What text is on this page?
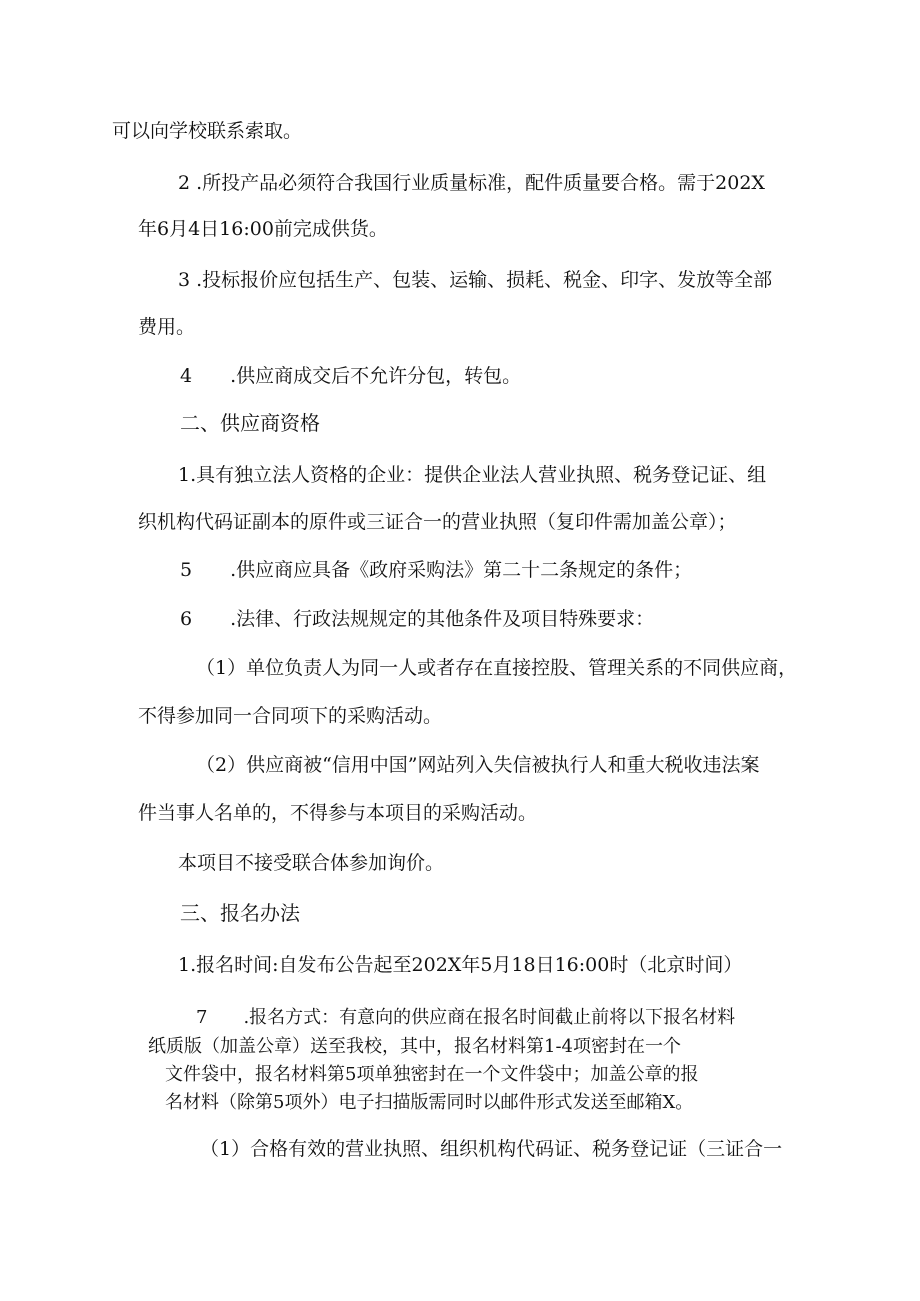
可以向学校联系索取。
2 .所投产品必须符合我国行业质量标准，配件质量要合格。需于202X
年6月4日16:00前完成供货。
3 .投标报价应包括生产、包装、运输、损耗、税金、印字、发放等全部
费用。
4　　.供应商成交后不允许分包，转包。
二、供应商资格
1.具有独立法人资格的企业：提供企业法人营业执照、税务登记证、组
织机构代码证副本的原件或三证合一的营业执照（复印件需加盖公章）；
5　　.供应商应具备《政府采购法》第二十二条规定的条件；
6　　.法律、行政法规规定的其他条件及项目特殊要求：
（1）单位负责人为同一人或者存在直接控股、管理关系的不同供应商，
不得参加同一合同项下的采购活动。
（2）供应商被“信用中国”网站列入失信被执行人和重大税收违法案
件当事人名单的，不得参与本项目的采购活动。
本项目不接受联合体参加询价。
三、报名办法
1.报名时间:自发布公告起至202X年5月18日16:00时（北京时间）
7　　.报名方式：有意向的供应商在报名时间截止前将以下报名材料
纸质版（加盖公章）送至我校，其中，报名材料第1-4项密封在一个
文件袋中，报名材料第5项单独密封在一个文件袋中；加盖公章的报
名材料（除第5项外）电子扫描版需同时以邮件形式发送至邮箱X。
（1）合格有效的营业执照、组织机构代码证、税务登记证（三证合一
